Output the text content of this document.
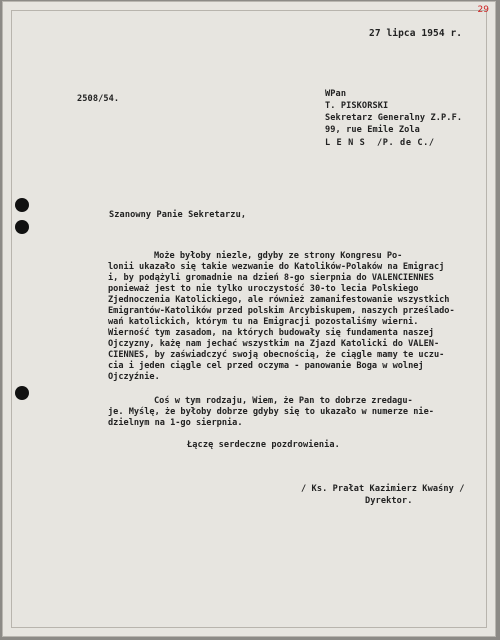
29
27 lipca 1954 r.
2508/54.	WPan
T. PISKORSKI
Sekretarz Generalny Z.P.F.
99, rue Emile Zola
L E N S  /P. de C./
Szanowny Panie Sekretarzu,
Może byłoby niezle, gdyby ze strony Kongresu Po-
lonii ukazało się takie wezwanie do Katolików-Polaków na Emigracj
i, by podążyli gromadnie na dzień 8-go sierpnia do VALENCIENNES
ponieważ jest to nie tylko uroczystość 30-to lecia Polskiego
Zjednoczenia Katolickiego, ale również zamanifestowanie wszystkich
Emigrantów-Katolików przed polskim Arcybiskupem, naszych prześlado-
wań katolickich, którym tu na Emigracji pozostaliśmy wierni.
Wierność tym zasadom, na których budowały się fundamenta naszej
Ojczyzny, każę nam jechać wszystkim na Zjazd Katolicki do VALEN-
CIENNES, by zaświadczyć swoją obecnością, że ciągle mamy te uczu-
cia i jeden ciągle cel przed oczyma - panowanie Boga w wolnej
Ojczyźnie.
Coś w tym rodzaju, Wiem, że Pan to dobrze zredagu-
je. Myślę, że byłoby dobrze gdyby się to ukazało w numerze nie-
dzielnym na 1-go sierpnia.
Łączę serdeczne pozdrowienia.
/ Ks. Prałat Kazimierz Kwaśny /
Dyrektor.
